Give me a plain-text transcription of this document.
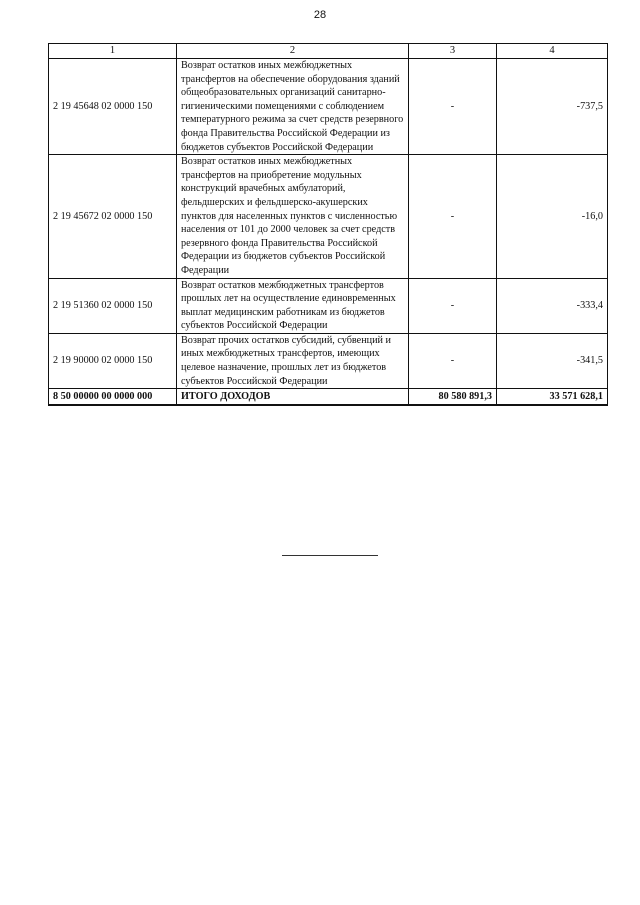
28
1	2	3	4
2 19 45648 02 0000 150	Возврат остатков иных межбюджетных трансфертов на обеспечение оборудования зданий общеобразовательных организаций санитарно-гигиеническими помещениями с соблюдением температурного режима за счет средств резервного фонда Правительства Российской Федерации из бюджетов субъектов Российской Федерации	-	-737,5
2 19 45672 02 0000 150	Возврат остатков иных межбюджетных трансфертов на приобретение модульных конструкций врачебных амбулаторий, фельдшерских и фельдшерско-акушерских пунктов для населенных пунктов с численностью населения от 101 до 2000 человек за счет средств резервного фонда Правительства Российской Федерации из бюджетов субъектов Российской Федерации	-	-16,0
2 19 51360 02 0000 150	Возврат остатков межбюджетных трансфертов прошлых лет на осуществление единовременных выплат медицинским работникам из бюджетов субъектов Российской Федерации	-	-333,4
2 19 90000 02 0000 150	Возврат прочих остатков субсидий, субвенций и иных межбюджетных трансфертов, имеющих целевое назначение, прошлых лет из бюджетов субъектов Российской Федерации	-	-341,5
8 50 00000 00 0000 000	ИТОГО ДОХОДОВ	80 580 891,3	33 571 628,1
